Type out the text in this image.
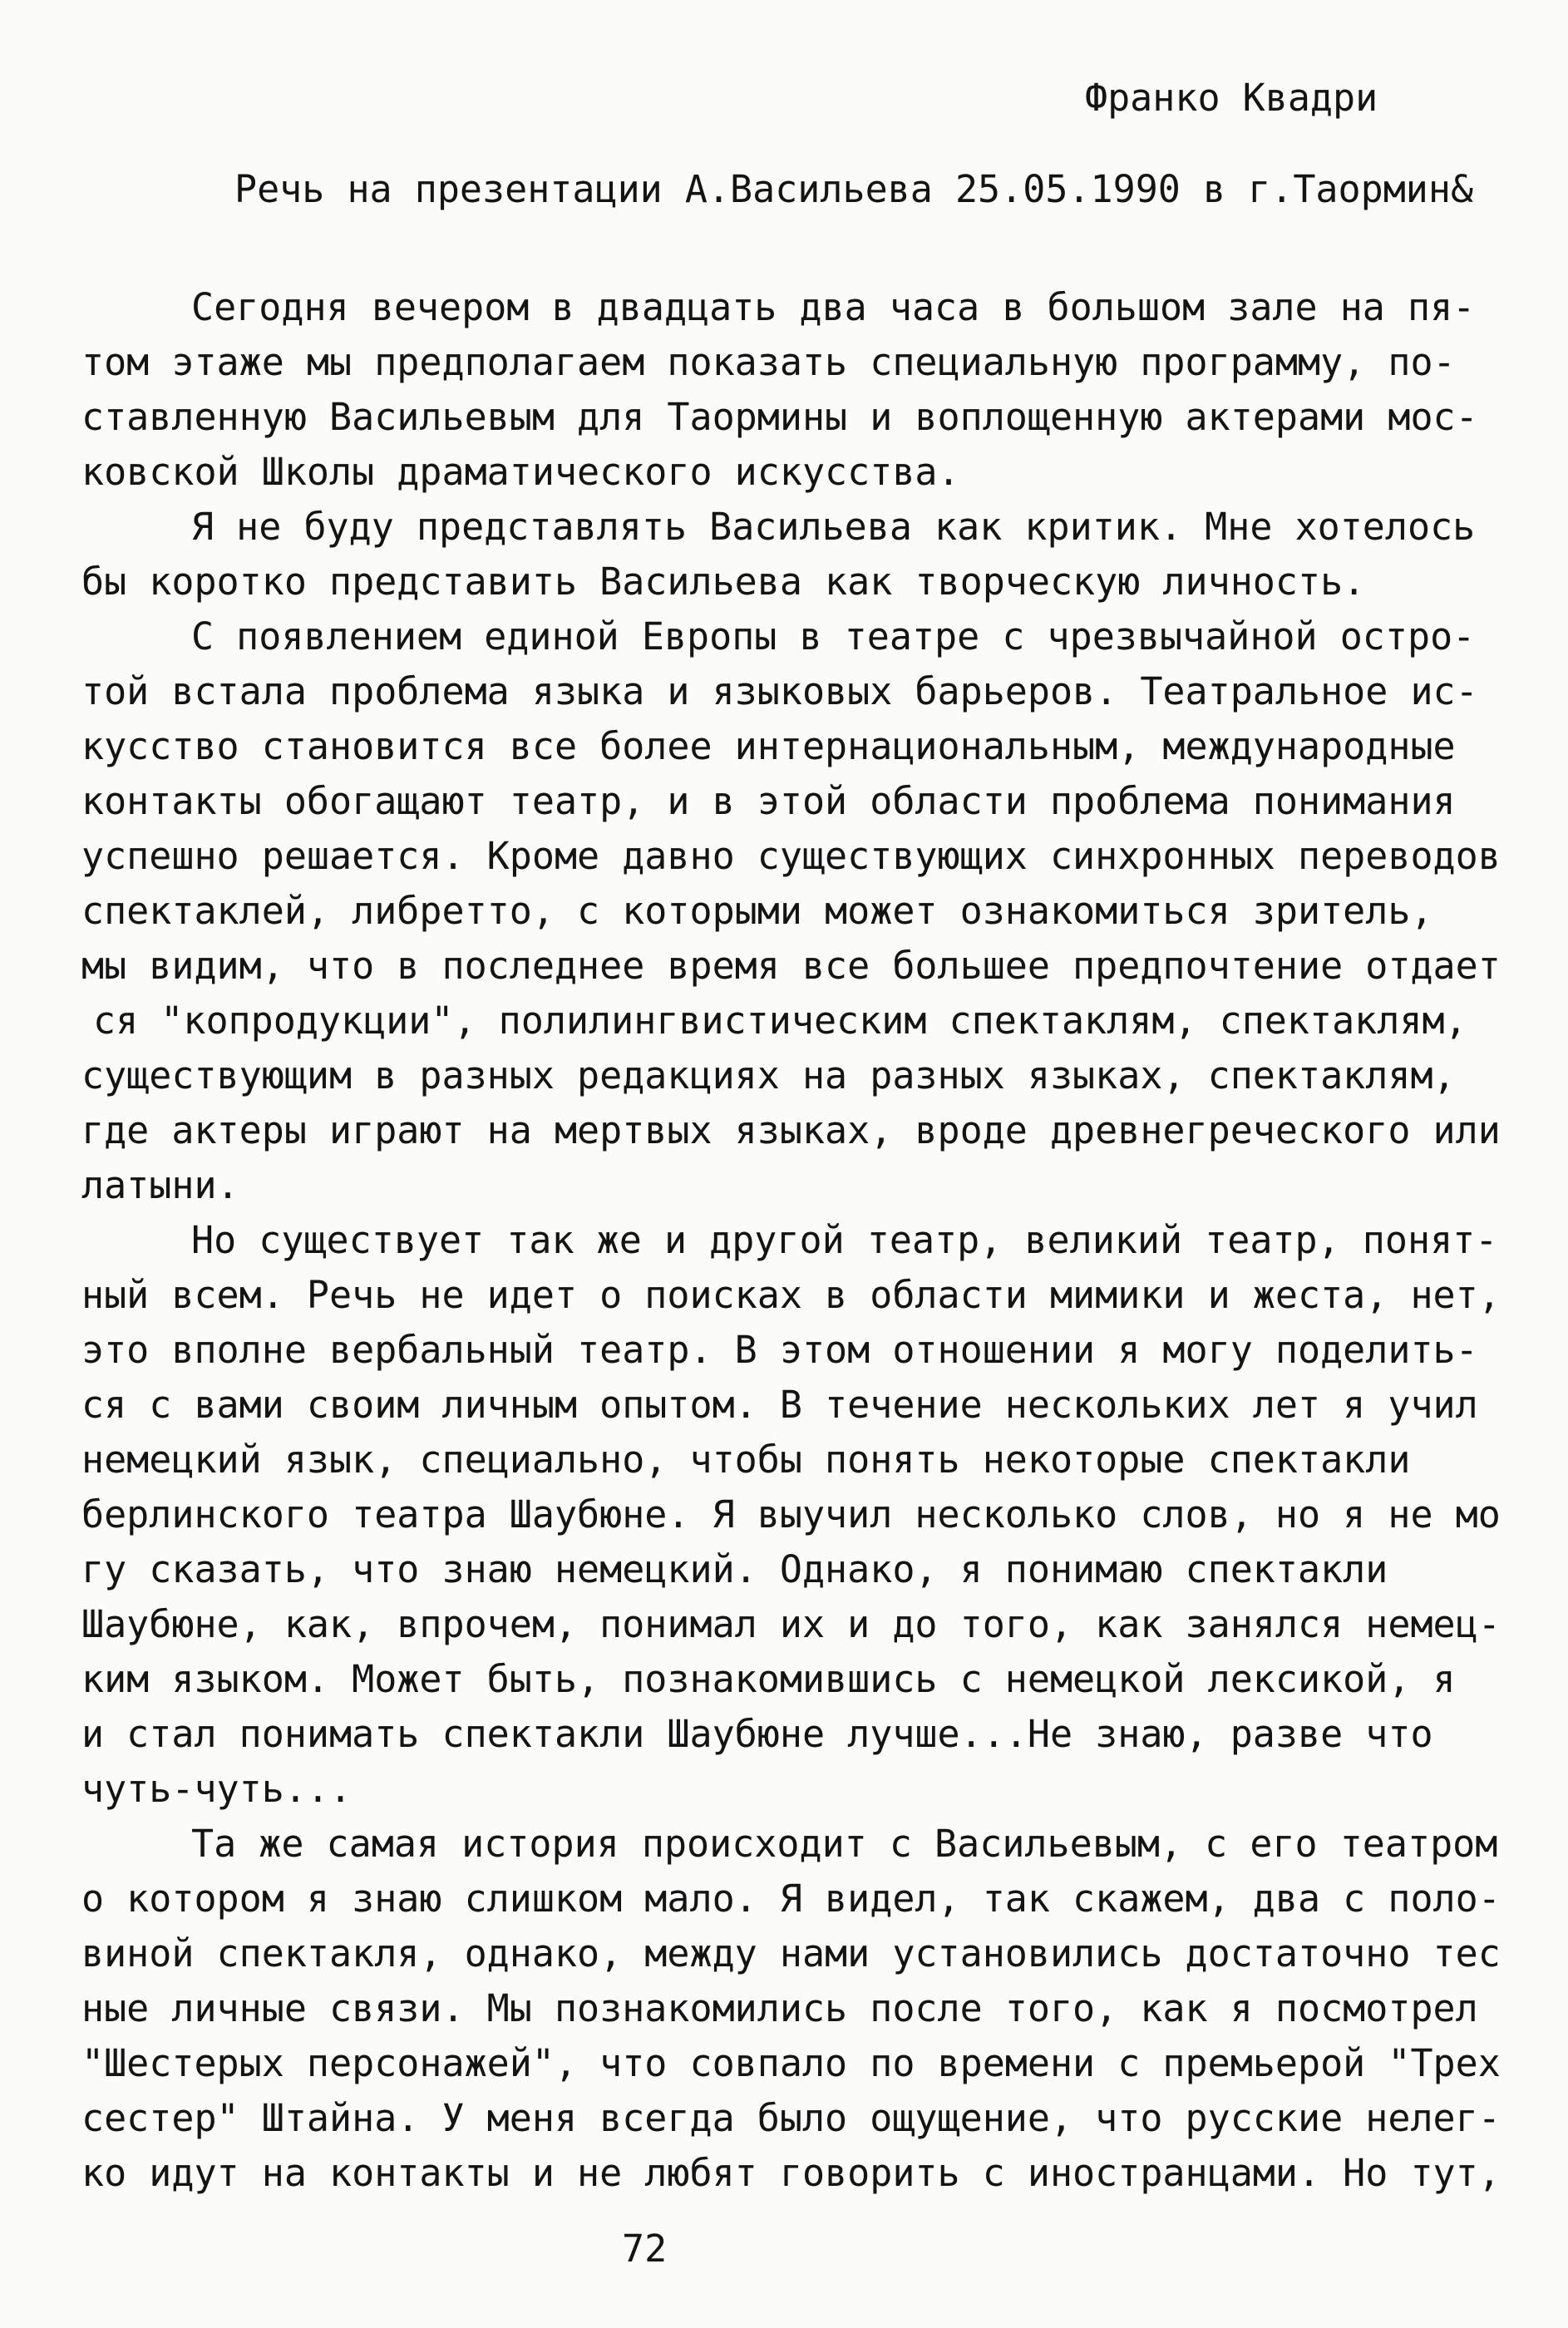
Франко Квадри
Речь на презентации А.Васильева 25.05.1990 в г.Таормин&
Сегодня вечером в двадцать два часа в большом зале на пя-
том этаже мы предполагаем показать специальную программу, по-
ставленную Васильевым для Таормины и воплощенную актерами мос-
ковской Школы драматического искусства.
Я не буду представлять Васильева как критик. Мне хотелось
бы коротко представить Васильева как творческую личность.
С появлением единой Европы в театре с чрезвычайной остро-
той встала проблема языка и языковых барьеров. Театральное ис-
кусство становится все более интернациональным, международные
контакты обогащают театр, и в этой области проблема понимания
успешно решается. Кроме давно существующих синхронных переводов
спектаклей, либретто, с которыми может ознакомиться зритель,
мы видим, что в последнее время все большее предпочтение отдает
ся "копродукции", полилингвистическим спектаклям, спектаклям,
существующим в разных редакциях на разных языках, спектаклям,
где актеры играют на мертвых языках, вроде древнегреческого или
латыни.
Но существует так же и другой театр, великий театр, понят-
ный всем. Речь не идет о поисках в области мимики и жеста, нет,
это вполне вербальный театр. В этом отношении я могу поделить-
ся с вами своим личным опытом. В течение нескольких лет я учил
немецкий язык, специально, чтобы понять некоторые спектакли
берлинского театра Шаубюне. Я выучил несколько слов, но я не мо
гу сказать, что знаю немецкий. Однако, я понимаю спектакли
Шаубюне, как, впрочем, понимал их и до того, как занялся немец-
ким языком. Может быть, познакомившись с немецкой лексикой, я
и стал понимать спектакли Шаубюне лучше...Не знаю, разве что
чуть-чуть...
Та же самая история происходит с Васильевым, с его театром
о котором я знаю слишком мало. Я видел, так скажем, два с поло-
виной спектакля, однако, между нами установились достаточно тес
ные личные связи. Мы познакомились после того, как я посмотрел
"Шестерых персонажей", что совпало по времени с премьерой "Трех
сестер" Штайна. У меня всегда было ощущение, что русские нелег-
ко идут на контакты и не любят говорить с иностранцами. Но тут,
72
